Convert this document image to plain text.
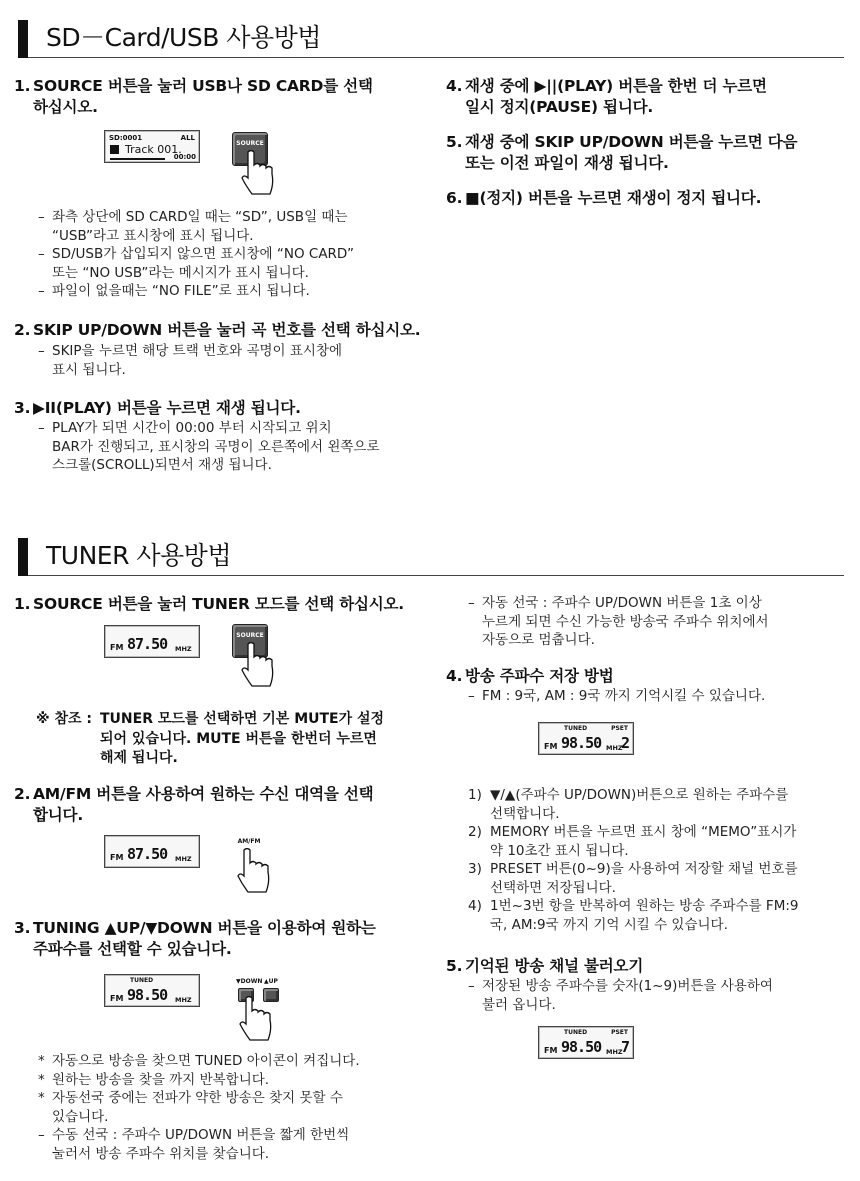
SD－Card/USB 사용방법
1. SOURCE 버튼을 눌러 USB나 SD CARD를 선택
하십시오.
SD:0001	ALL
Track 001.
00:00
SOURCE
– 좌측 상단에 SD CARD일 때는 “SD”, USB일 때는
“USB”라고 표시창에 표시 됩니다.
– SD/USB가 삽입되지 않으면 표시창에 “NO CARD”
또는 “NO USB”라는 메시지가 표시 됩니다.
– 파일이 없을때는 “NO FILE”로 표시 됩니다.
2. SKIP UP/DOWN 버튼을 눌러 곡 번호를 선택 하십시오.
– SKIP을 누르면 해당 트랙 번호와 곡명이 표시창에
표시 됩니다.
3. ▶II(PLAY) 버튼을 누르면 재생 됩니다.
– PLAY가 되면 시간이 00:00 부터 시작되고 위치
BAR가 진행되고, 표시창의 곡명이 오른쪽에서 왼쪽으로
스크롤(SCROLL)되면서 재생 됩니다.
4. 재생 중에 ▶||(PLAY) 버튼을 한번 더 누르면
일시 정지(PAUSE) 됩니다.
5. 재생 중에 SKIP UP/DOWN 버튼을 누르면 다음
또는 이전 파일이 재생 됩니다.
6. ■(정지) 버튼을 누르면 재생이 정지 됩니다.
TUNER 사용방법
1. SOURCE 버튼을 눌러 TUNER 모드를 선택 하십시오.
FM 87.50 MHZ
SOURCE
※ 참조 : TUNER 모드를 선택하면 기본 MUTE가 설정
되어 있습니다. MUTE 버튼을 한번더 누르면
해제 됩니다.
2. AM/FM 버튼을 사용하여 원하는 수신 대역을 선택
합니다.
FM 87.50 MHZ
AM/FM
3. TUNING ▲UP/▼DOWN 버튼을 이용하여 원하는
주파수를 선택할 수 있습니다.
TUNED
FM 98.50 MHZ
▼DOWN ▲UP
* 자동으로 방송을 찾으면 TUNED 아이콘이 켜집니다.
* 원하는 방송을 찾을 까지 반복합니다.
* 자동선국 중에는 전파가 약한 방송은 찾지 못할 수
있습니다.
– 수동 선국 : 주파수 UP/DOWN 버튼을 짧게 한번씩
눌러서 방송 주파수 위치를 찾습니다.
– 자동 선국 : 주파수 UP/DOWN 버튼을 1초 이상
누르게 되면 수신 가능한 방송국 주파수 위치에서
자동으로 멈춥니다.
4. 방송 주파수 저장 방법
– FM : 9국, AM : 9국 까지 기억시킬 수 있습니다.
TUNED	PSET
FM 98.50 MHZ
2
1) ▼/▲(주파수 UP/DOWN)버튼으로 원하는 주파수를
선택합니다.
2) MEMORY 버튼을 누르면 표시 창에 “MEMO”표시가
약 10초간 표시 됩니다.
3) PRESET 버튼(0~9)을 사용하여 저장할 채널 번호를
선택하면 저장됩니다.
4) 1번~3번 항을 반복하여 원하는 방송 주파수를 FM:9
국, AM:9국 까지 기억 시킬 수 있습니다.
5. 기억된 방송 채널 불러오기
– 저장된 방송 주파수를 숫자(1~9)버튼을 사용하여
불러 옵니다.
TUNED	PSET
FM 98.50 MHZ
7
